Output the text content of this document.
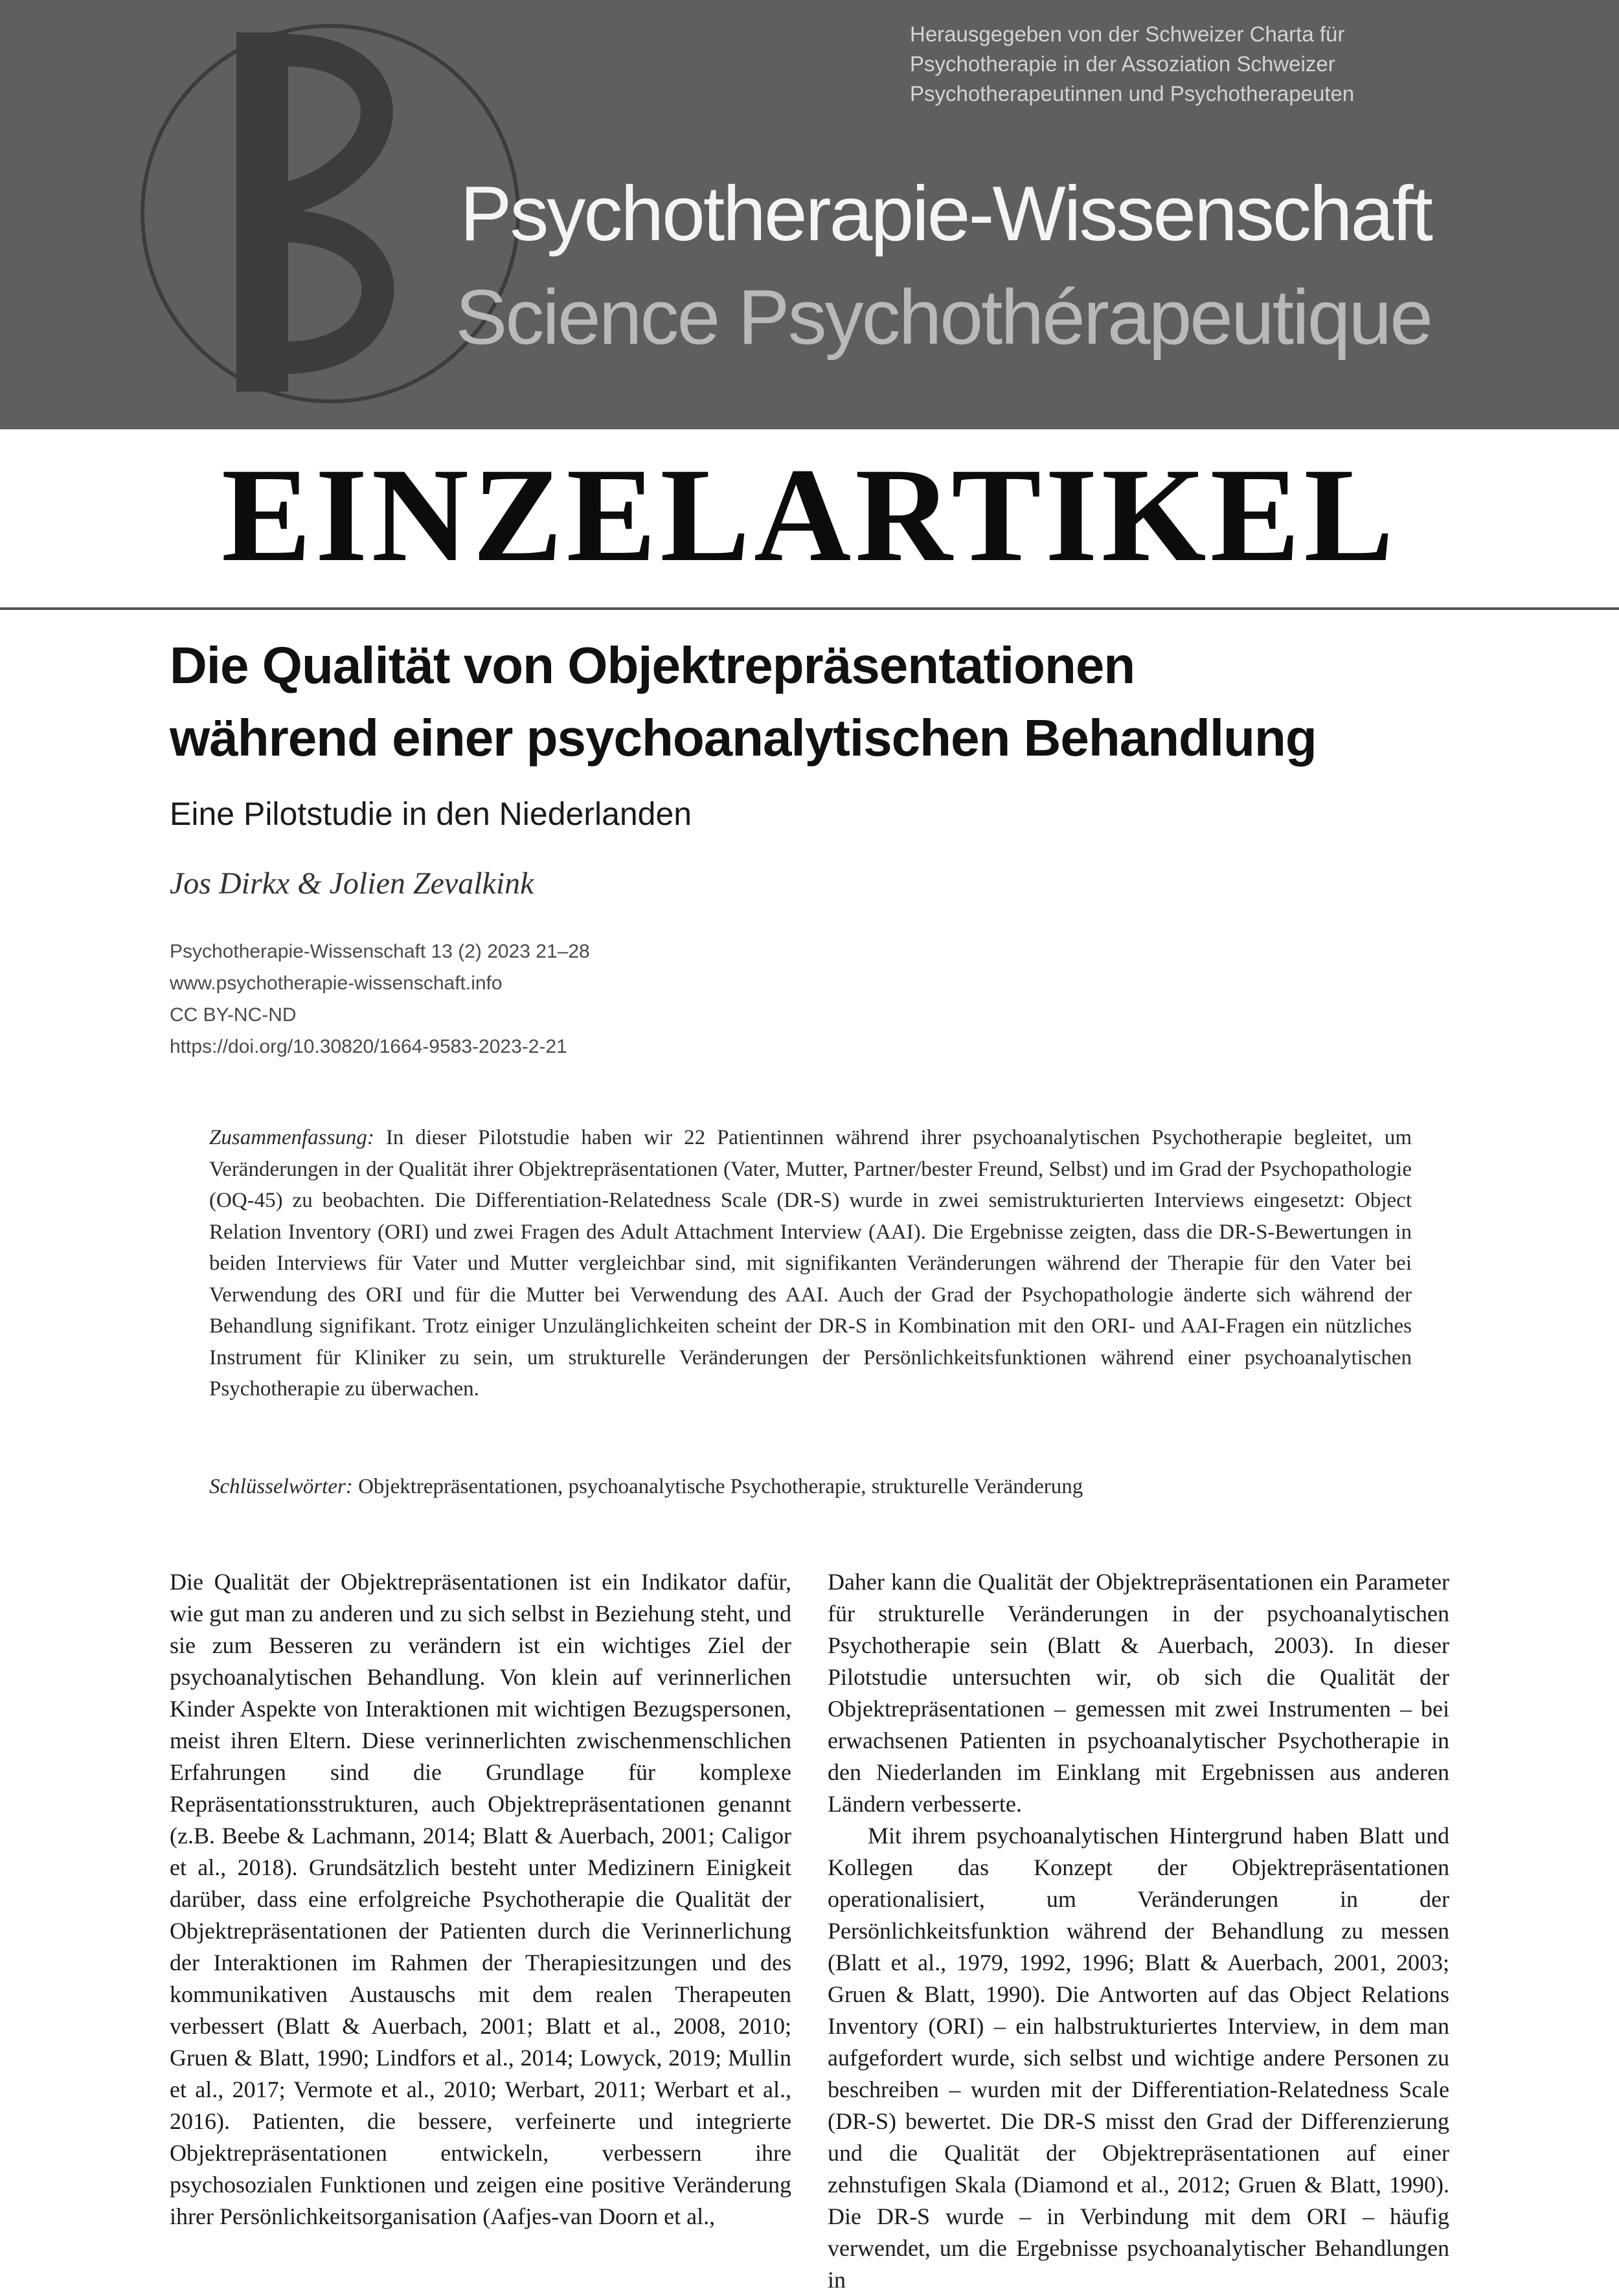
Herausgegeben von der Schweizer Charta für
Psychotherapie in der Assoziation Schweizer
Psychotherapeutinnen und Psychotherapeuten
Psychotherapie-Wissenschaft
Science Psychothérapeutique
EINZELARTIKEL
Die Qualität von Objektrepräsentationen
während einer psychoanalytischen Behandlung
Eine Pilotstudie in den Niederlanden
Jos Dirkx & Jolien Zevalkink
Psychotherapie-Wissenschaft 13 (2) 2023 21–28
www.psychotherapie-wissenschaft.info
CC BY-NC-ND
https://doi.org/10.30820/1664-9583-2023-2-21
Zusammenfassung: In dieser Pilotstudie haben wir 22 Patientinnen während ihrer psychoanalytischen Psychotherapie begleitet, um Veränderungen in der Qualität ihrer Objektrepräsentationen (Vater, Mutter, Partner/bester Freund, Selbst) und im Grad der Psychopathologie (OQ-45) zu beobachten. Die Differentiation-Relatedness Scale (DR-S) wurde in zwei semistrukturierten Interviews eingesetzt: Object Relation Inventory (ORI) und zwei Fragen des Adult Attachment Interview (AAI). Die Ergebnisse zeigten, dass die DR-S-Bewertungen in beiden Interviews für Vater und Mutter vergleichbar sind, mit signifikanten Veränderungen während der Therapie für den Vater bei Verwendung des ORI und für die Mutter bei Verwendung des AAI. Auch der Grad der Psychopathologie änderte sich während der Behandlung signifikant. Trotz einiger Unzulänglichkeiten scheint der DR-S in Kombination mit den ORI- und AAI-Fragen ein nützliches Instrument für Kliniker zu sein, um strukturelle Veränderungen der Persönlichkeitsfunktionen während einer psychoanalytischen Psychotherapie zu überwachen.
Schlüsselwörter: Objektrepräsentationen, psychoanalytische Psychotherapie, strukturelle Veränderung

Die Qualität der Objektrepräsentationen ist ein Indikator dafür, wie gut man zu anderen und zu sich selbst in Beziehung steht, und sie zum Besseren zu verändern ist ein wichtiges Ziel der psychoanalytischen Behandlung. Von klein auf verinnerlichen Kinder Aspekte von Interaktionen mit wichtigen Bezugspersonen, meist ihren Eltern. Diese verinnerlichten zwischenmenschlichen Erfahrungen sind die Grundlage für komplexe Repräsentationsstrukturen, auch Objektrepräsentationen genannt (z.B. Beebe & Lachmann, 2014; Blatt & Auerbach, 2001; Caligor et al., 2018). Grundsätzlich besteht unter Medizinern Einigkeit darüber, dass eine erfolgreiche Psychotherapie die Qualität der Objektrepräsentationen der Patienten durch die Verinnerlichung der Interaktionen im Rahmen der Therapiesitzungen und des kommunikativen Austauschs mit dem realen Therapeuten verbessert (Blatt & Auerbach, 2001; Blatt et al., 2008, 2010; Gruen & Blatt, 1990; Lindfors et al., 2014; Lowyck, 2019; Mullin et al., 2017; Vermote et al., 2010; Werbart, 2011; Werbart et al., 2016). Patienten, die bessere, verfeinerte und integrierte Objektrepräsentationen entwickeln, verbessern ihre psychosozialen Funktionen und zeigen eine positive Veränderung ihrer Persönlichkeitsorganisation (Aafjes-van Doorn et al.,

Daher kann die Qualität der Objektrepräsentationen ein Parameter für strukturelle Veränderungen in der psychoanalytischen Psychotherapie sein (Blatt & Auerbach, 2003). In dieser Pilotstudie untersuchten wir, ob sich die Qualität der Objektrepräsentationen – gemessen mit zwei Instrumenten – bei erwachsenen Patienten in psychoanalytischer Psychotherapie in den Niederlanden im Einklang mit Ergebnissen aus anderen Ländern verbesserte.

Mit ihrem psychoanalytischen Hintergrund haben Blatt und Kollegen das Konzept der Objektrepräsentationen operationalisiert, um Veränderungen in der Persönlichkeitsfunktion während der Behandlung zu messen (Blatt et al., 1979, 1992, 1996; Blatt & Auerbach, 2001, 2003; Gruen & Blatt, 1990). Die Antworten auf das Object Relations Inventory (ORI) – ein halbstrukturiertes Interview, in dem man aufgefordert wurde, sich selbst und wichtige andere Personen zu beschreiben – wurden mit der Differentiation-Relatedness Scale (DR-S) bewertet. Die DR-S misst den Grad der Differenzierung und die Qualität der Objektrepräsentationen auf einer zehnstufigen Skala (Diamond et al., 2012; Gruen & Blatt, 1990). Die DR-S wurde – in Verbindung mit dem ORI – häufig verwendet, um die Ergebnisse psychoanalytischer Behandlungen in
